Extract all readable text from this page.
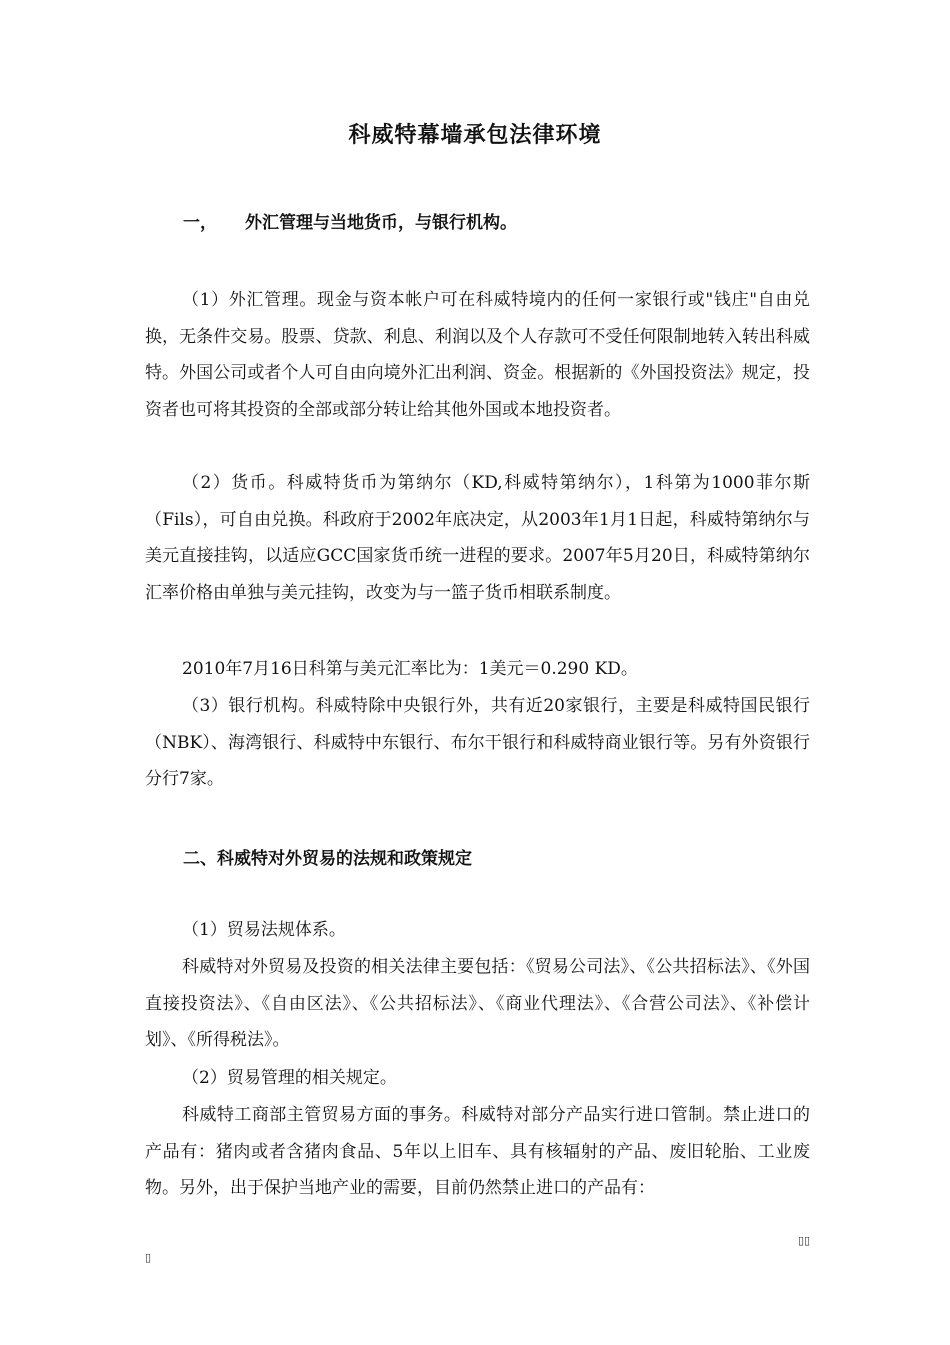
科威特幕墙承包法律环境
一， 外汇管理与当地货币，与银行机构。

（1）外汇管理。现金与资本帐户可在科威特境内的任何一家银行或"钱庄"自由兑换，无条件交易。股票、贷款、利息、利润以及个人存款可不受任何限制地转入转出科威特。外国公司或者个人可自由向境外汇出利润、资金。根据新的《外国投资法》规定，投资者也可将其投资的全部或部分转让给其他外国或本地投资者。

（2）货币。科威特货币为第纳尔（KD,科威特第纳尔），1科第为1000菲尔斯（Fils），可自由兑换。科政府于2002年底决定，从2003年1月1日起，科威特第纳尔与美元直接挂钩，以适应GCC国家货币统一进程的要求。2007年5月20日，科威特第纳尔汇率价格由单独与美元挂钩，改变为与一篮子货币相联系制度。

2010年7月16日科第与美元汇率比为：1美元＝0.290 KD。

（3）银行机构。科威特除中央银行外，共有近20家银行，主要是科威特国民银行（NBK）、海湾银行、科威特中东银行、布尔干银行和科威特商业银行等。另有外资银行分行7家。

二、科威特对外贸易的法规和政策规定

（1）贸易法规体系。

科威特对外贸易及投资的相关法律主要包括：《贸易公司法》、《公共招标法》、《外国直接投资法》、《自由区法》、《公共招标法》、《商业代理法》、《合营公司法》、《补偿计划》、《所得税法》。

（2）贸易管理的相关规定。

科威特工商部主管贸易方面的事务。科威特对部分产品实行进口管制。禁止进口的产品有：猪肉或者含猪肉食品、5年以上旧车、具有核辐射的产品、废旧轮胎、工业废物。另外，出于保护当地产业的需要，目前仍然禁止进口的产品有：

▯▯
▯
